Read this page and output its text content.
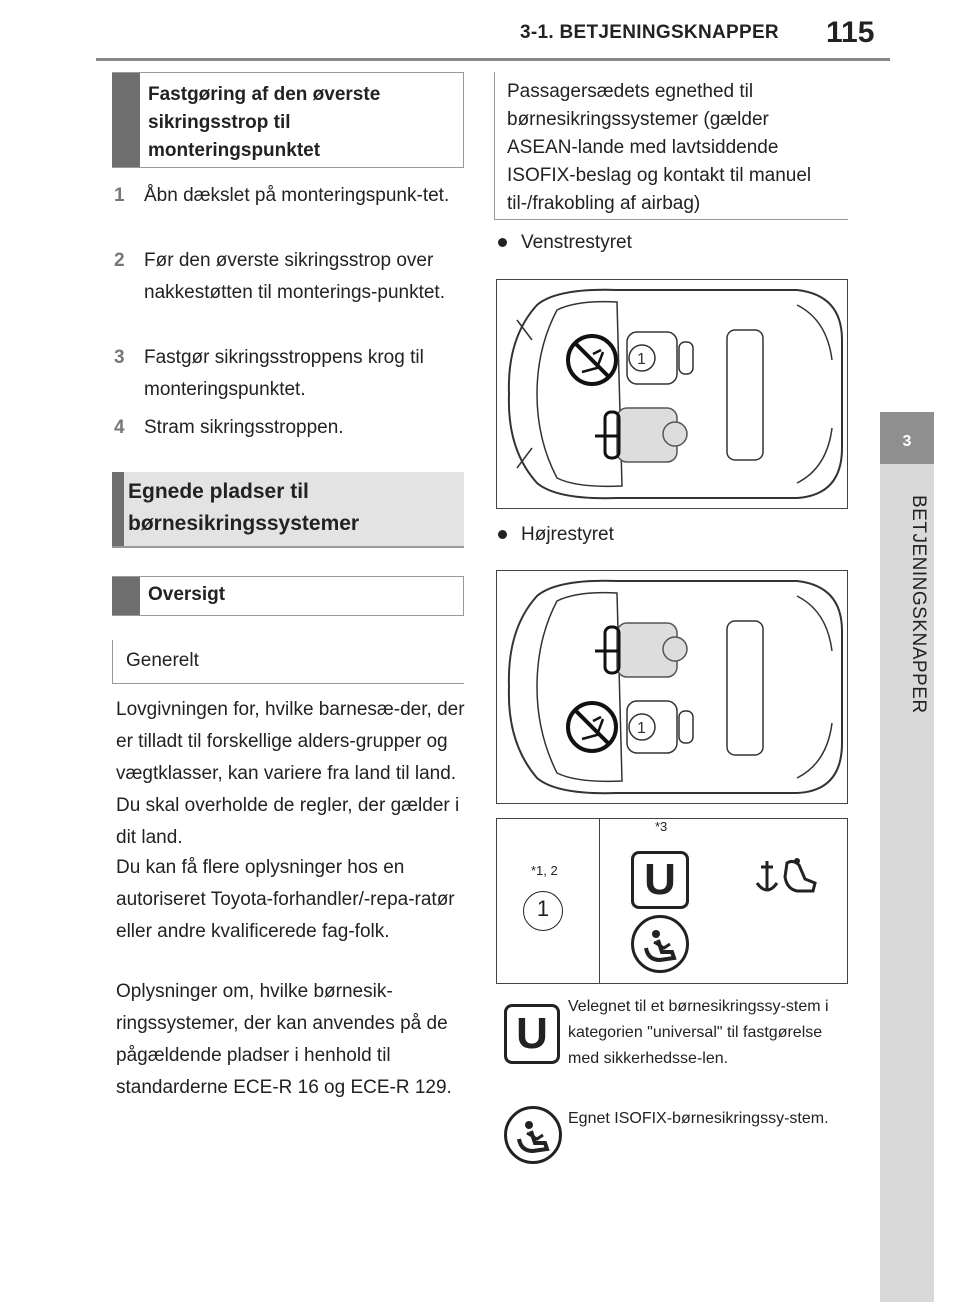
3-1. BETJENINGSKNAPPER 115
3
BETJENINGSKNAPPER
Fastgøring af den øverste sikringsstrop til monteringspunktet
1 Åbn dækslet på monteringspunk-tet.
2 Før den øverste sikringsstrop over nakkestøtten til monterings-punktet.
3 Fastgør sikringsstroppens krog til monteringspunktet.
4 Stram sikringsstroppen.
Egnede pladser til børnesikringssystemer
Oversigt
Generelt
Lovgivningen for, hvilke barnesæ-der, der er tilladt til forskellige alders-grupper og vægtklasser, kan variere fra land til land. Du skal overholde de regler, der gælder i dit land.
Du kan få flere oplysninger hos en autoriseret Toyota-forhandler/-repa-ratør eller andre kvalificerede fag-folk.
Oplysninger om, hvilke børnesik-ringssystemer, der kan anvendes på de pågældende pladser i henhold til standarderne ECE-R 16 og ECE-R 129.
Passagersædets egnethed til børnesikringssystemer (gælder ASEAN-lande med lavtsiddende ISOFIX-beslag og kontakt til manuel til-/frakobling af airbag)
Venstrestyret
1
Højrestyret
1
*1, 2
1
*3
U
U
Velegnet til et børnesikringssy-stem i kategorien "universal" til fastgørelse med sikkerhedsse-len.
Egnet ISOFIX-børnesikringssy-stem.
